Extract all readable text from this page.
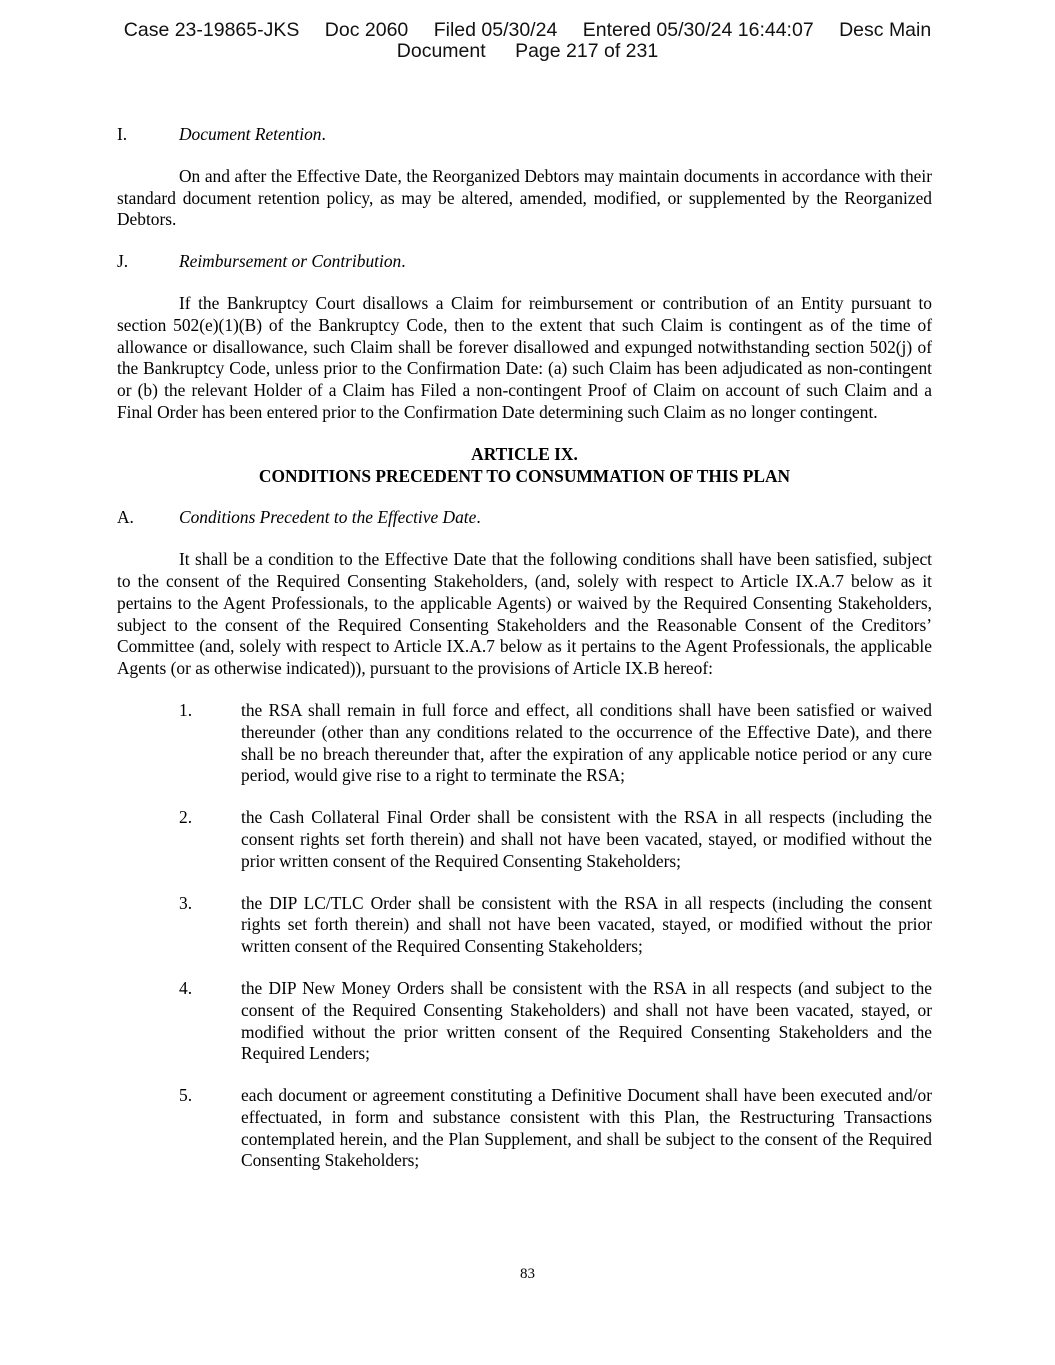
Case 23-19865-JKS Doc 2060 Filed 05/30/24 Entered 05/30/24 16:44:07 Desc Main
Document Page 217 of 231
I.	Document Retention.

On and after the Effective Date, the Reorganized Debtors may maintain documents in accordance with their standard document retention policy, as may be altered, amended, modified, or supplemented by the Reorganized Debtors.

J.	Reimbursement or Contribution.

If the Bankruptcy Court disallows a Claim for reimbursement or contribution of an Entity pursuant to section 502(e)(1)(B) of the Bankruptcy Code, then to the extent that such Claim is contingent as of the time of allowance or disallowance, such Claim shall be forever disallowed and expunged notwithstanding section 502(j) of the Bankruptcy Code, unless prior to the Confirmation Date: (a) such Claim has been adjudicated as non-contingent or (b) the relevant Holder of a Claim has Filed a non-contingent Proof of Claim on account of such Claim and a Final Order has been entered prior to the Confirmation Date determining such Claim as no longer contingent.

ARTICLE IX.
CONDITIONS PRECEDENT TO CONSUMMATION OF THIS PLAN
A.	Conditions Precedent to the Effective Date.

It shall be a condition to the Effective Date that the following conditions shall have been satisfied, subject to the consent of the Required Consenting Stakeholders, (and, solely with respect to Article IX.A.7 below as it pertains to the Agent Professionals, to the applicable Agents) or waived by the Required Consenting Stakeholders, subject to the consent of the Required Consenting Stakeholders and the Reasonable Consent of the Creditors’ Committee (and, solely with respect to Article IX.A.7 below as it pertains to the Agent Professionals, the applicable Agents (or as otherwise indicated)), pursuant to the provisions of Article IX.B hereof:

1.	the RSA shall remain in full force and effect, all conditions shall have been satisfied or waived thereunder (other than any conditions related to the occurrence of the Effective Date), and there shall be no breach thereunder that, after the expiration of any applicable notice period or any cure period, would give rise to a right to terminate the RSA;
2.	the Cash Collateral Final Order shall be consistent with the RSA in all respects (including the consent rights set forth therein) and shall not have been vacated, stayed, or modified without the prior written consent of the Required Consenting Stakeholders;
3.	the DIP LC/TLC Order shall be consistent with the RSA in all respects (including the consent rights set forth therein) and shall not have been vacated, stayed, or modified without the prior written consent of the Required Consenting Stakeholders;
4.	the DIP New Money Orders shall be consistent with the RSA in all respects (and subject to the consent of the Required Consenting Stakeholders) and shall not have been vacated, stayed, or modified without the prior written consent of the Required Consenting Stakeholders and the Required Lenders;
5.	each document or agreement constituting a Definitive Document shall have been executed and/or effectuated, in form and substance consistent with this Plan, the Restructuring Transactions contemplated herein, and the Plan Supplement, and shall be subject to the consent of the Required Consenting Stakeholders;
83
